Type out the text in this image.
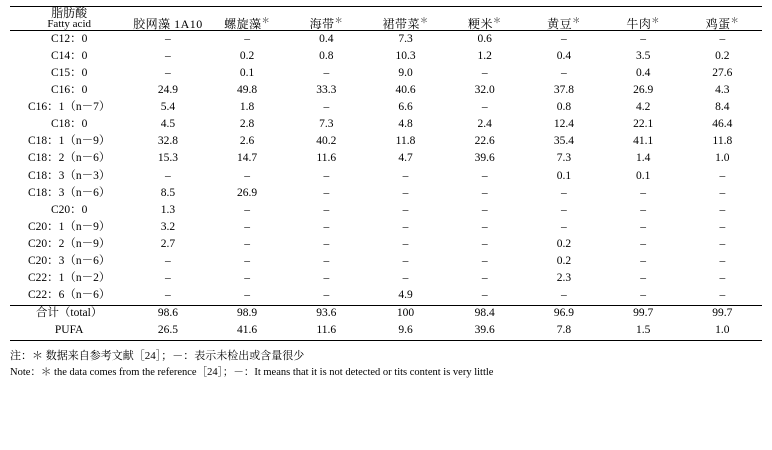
脂肪酸
Fatty acid	胶网藻 1A10	螺旋藻＊	海带＊	裙带菜＊	粳米＊	黄豆＊	牛肉＊	鸡蛋＊

C12：0	–	–	0.4	7.3	0.6	–	–	–
C14：0	–	0.2	0.8	10.3	1.2	0.4	3.5	0.2
C15：0	–	0.1	–	9.0	–	–	0.4	27.6
C16：0	24.9	49.8	33.3	40.6	32.0	37.8	26.9	4.3
C16：1（n－7）	5.4	1.8	–	6.6	–	0.8	4.2	8.4
C18：0	4.5	2.8	7.3	4.8	2.4	12.4	22.1	46.4
C18：1（n－9）	32.8	2.6	40.2	11.8	22.6	35.4	41.1	11.8
C18：2（n－6）	15.3	14.7	11.6	4.7	39.6	7.3	1.4	1.0
C18：3（n－3）	–	–	–	–	–	0.1	0.1	–
C18：3（n－6）	8.5	26.9	–	–	–	–	–	–
C20：0	1.3	–	–	–	–	–	–	–
C20：1（n－9）	3.2	–	–	–	–	–	–	–
C20：2（n－9）	2.7	–	–	–	–	0.2	–	–
C20：3（n－6）	–	–	–	–	–	0.2	–	–
C22：1（n－2）	–	–	–	–	–	2.3	–	–
C22：6（n－6）	–	–	–	4.9	–	–	–	–
合计（total）	98.6	98.9	93.6	100	98.4	96.9	99.7	99.7
PUFA	26.5	41.6	11.6	9.6	39.6	7.8	1.5	1.0
注：＊ 数据来自参考文献［24］；－：表示未检出或含量很少
Note：＊ the data comes from the reference［24］；－：It means that it is not detected or tits content is very little
